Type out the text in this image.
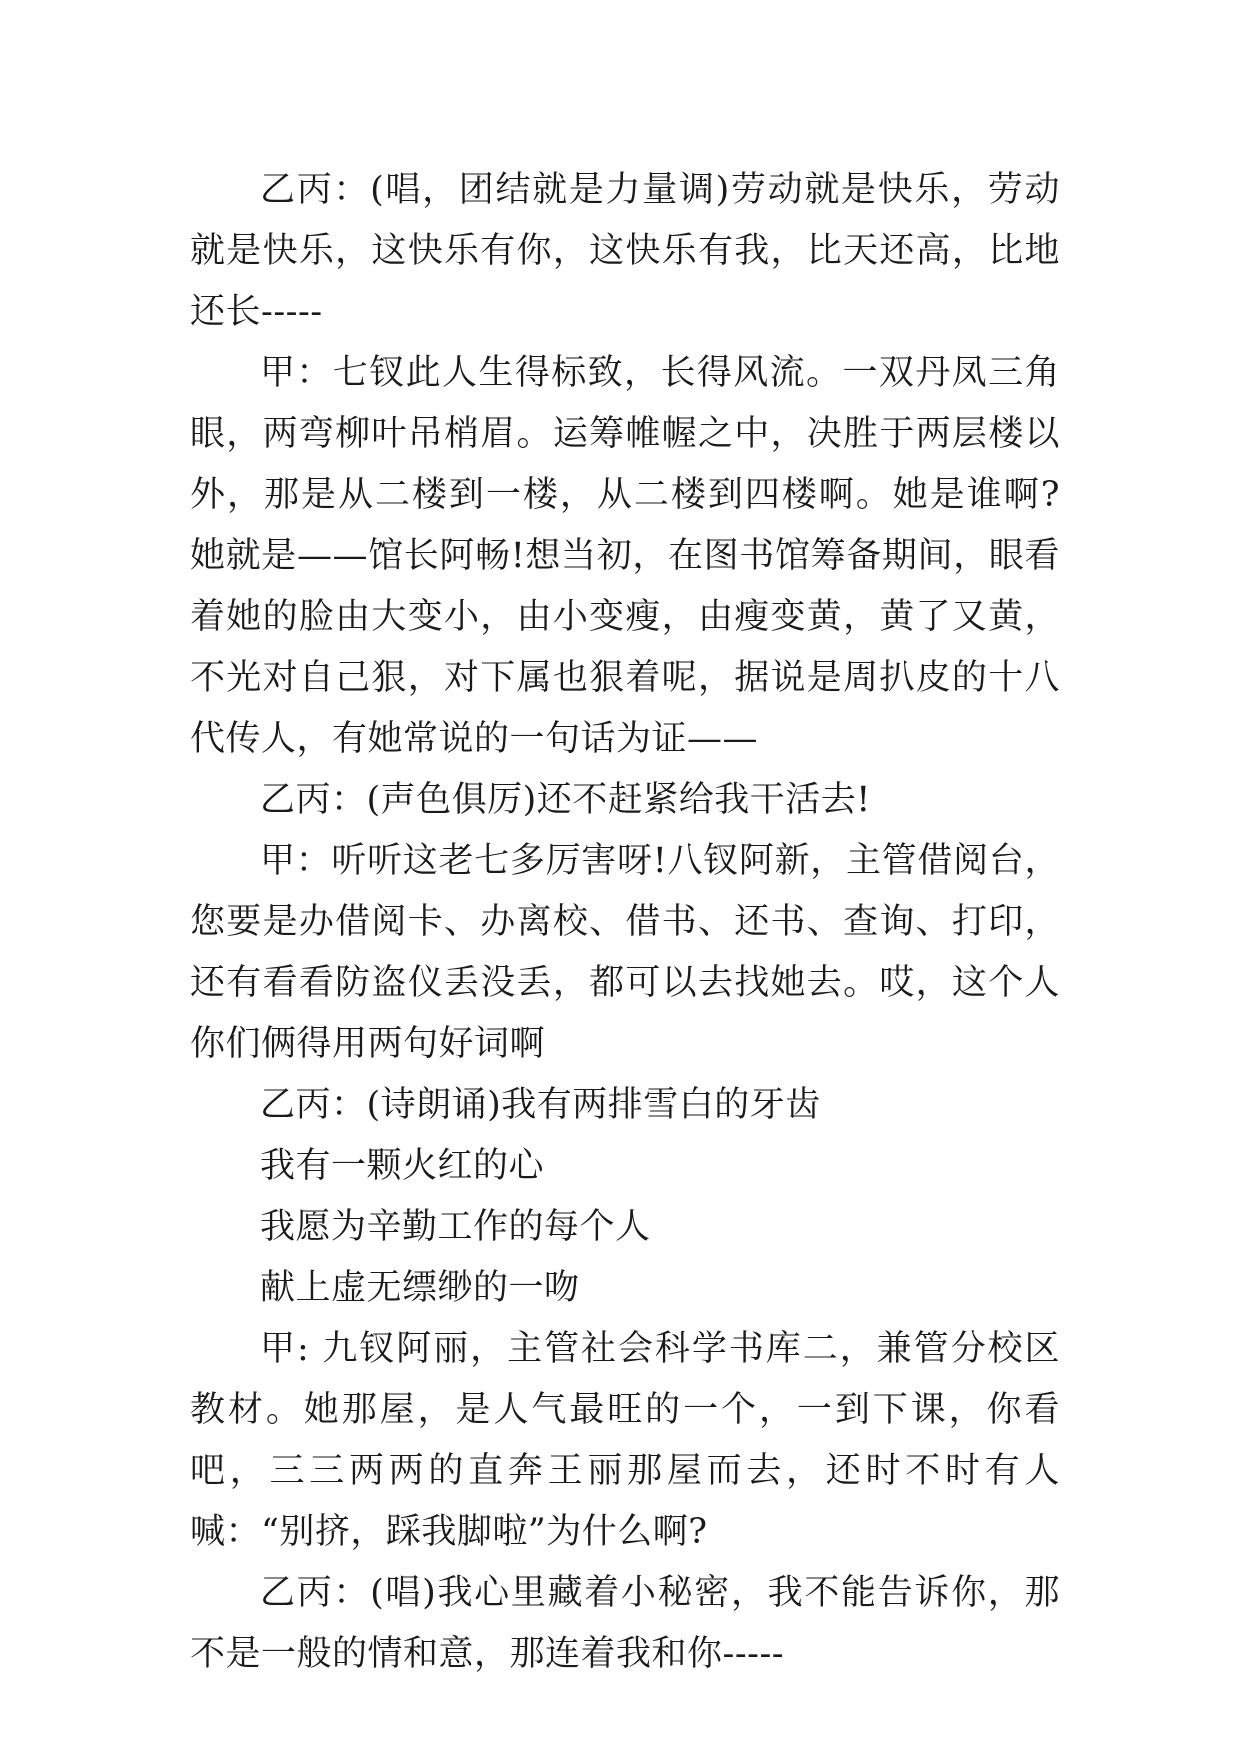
乙丙：(唱，团结就是力量调)劳动就是快乐，劳动就是快乐，这快乐有你，这快乐有我，比天还高，比地还长-----

甲：七钗此人生得标致，长得风流。一双丹凤三角眼，两弯柳叶吊梢眉。运筹帷幄之中，决胜于两层楼以外，那是从二楼到一楼，从二楼到四楼啊。她是谁啊?她就是——馆长阿畅!想当初，在图书馆筹备期间，眼看着她的脸由大变小，由小变瘦，由瘦变黄，黄了又黄，不光对自己狠，对下属也狠着呢，据说是周扒皮的十八代传人，有她常说的一句话为证——

乙丙：(声色俱厉)还不赶紧给我干活去!

甲：听听这老七多厉害呀!八钗阿新，主管借阅台，您要是办借阅卡、办离校、借书、还书、查询、打印，还有看看防盗仪丢没丢，都可以去找她去。哎，这个人你们俩得用两句好词啊

乙丙：(诗朗诵)我有两排雪白的牙齿

我有一颗火红的心

我愿为辛勤工作的每个人

献上虚无缥缈的一吻

甲: 九钗阿丽，主管社会科学书库二，兼管分校区教材。她那屋，是人气最旺的一个，一到下课，你看吧，三三两两的直奔王丽那屋而去，还时不时有人喊：“别挤，踩我脚啦”为什么啊?

乙丙：(唱)我心里藏着小秘密，我不能告诉你，那不是一般的情和意，那连着我和你-----
